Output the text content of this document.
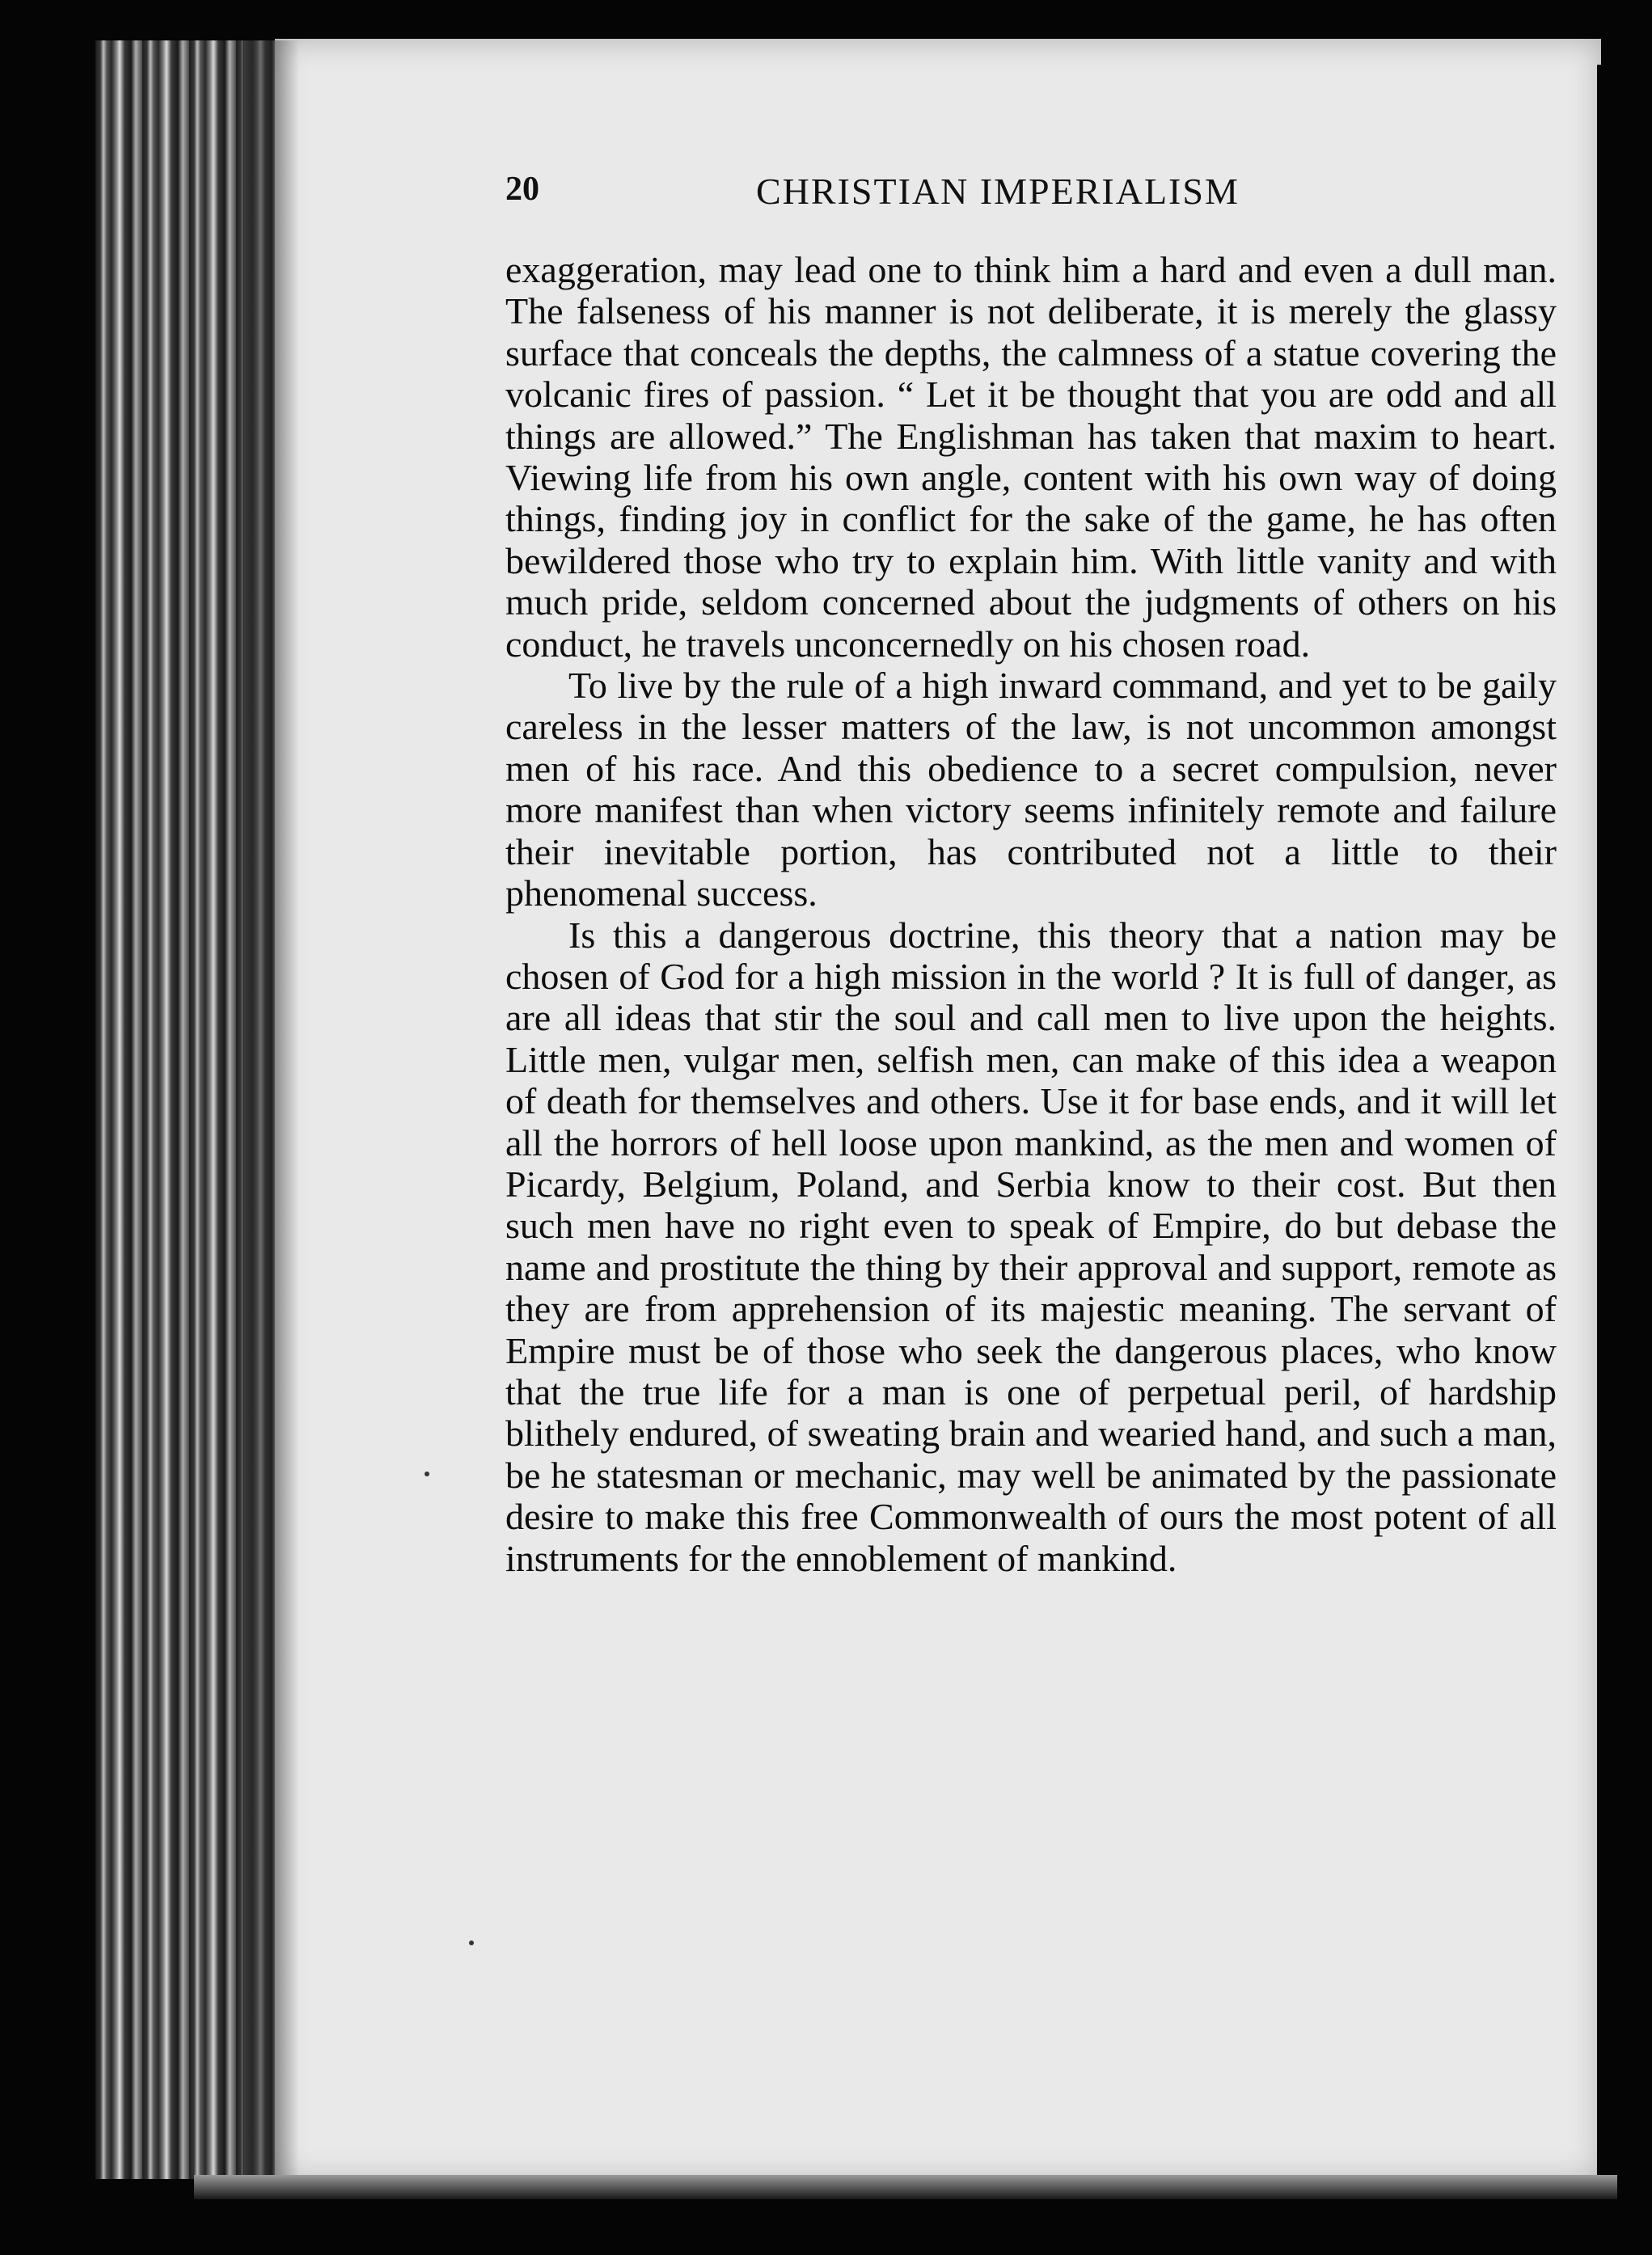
20	CHRISTIAN IMPERIALISM

exaggeration, may lead one to think him a hard and even a dull man. The falseness of his manner is not deliberate, it is merely the glassy surface that conceals the depths, the calmness of a statue covering the volcanic fires of passion. “ Let it be thought that you are odd and all things are allowed.” The Englishman has taken that maxim to heart. Viewing life from his own angle, content with his own way of doing things, finding joy in conflict for the sake of the game, he has often bewildered those who try to explain him. With little vanity and with much pride, seldom concerned about the judgments of others on his conduct, he travels unconcernedly on his chosen road.

To live by the rule of a high inward command, and yet to be gaily careless in the lesser matters of the law, is not uncommon amongst men of his race. And this obedience to a secret compulsion, never more manifest than when victory seems infinitely remote and failure their inevitable portion, has contributed not a little to their phenomenal success.

Is this a dangerous doctrine, this theory that a nation may be chosen of God for a high mission in the world ? It is full of danger, as are all ideas that stir the soul and call men to live upon the heights. Little men, vulgar men, selfish men, can make of this idea a weapon of death for themselves and others. Use it for base ends, and it will let all the horrors of hell loose upon mankind, as the men and women of Picardy, Belgium, Poland, and Serbia know to their cost. But then such men have no right even to speak of Empire, do but debase the name and prostitute the thing by their approval and support, remote as they are from apprehension of its majestic meaning. The servant of Empire must be of those who seek the dangerous places, who know that the true life for a man is one of perpetual peril, of hardship blithely endured, of sweating brain and wearied hand, and such a man, be he statesman or mechanic, may well be animated by the passionate desire to make this free Commonwealth of ours the most potent of all instruments for the ennoblement of mankind.
